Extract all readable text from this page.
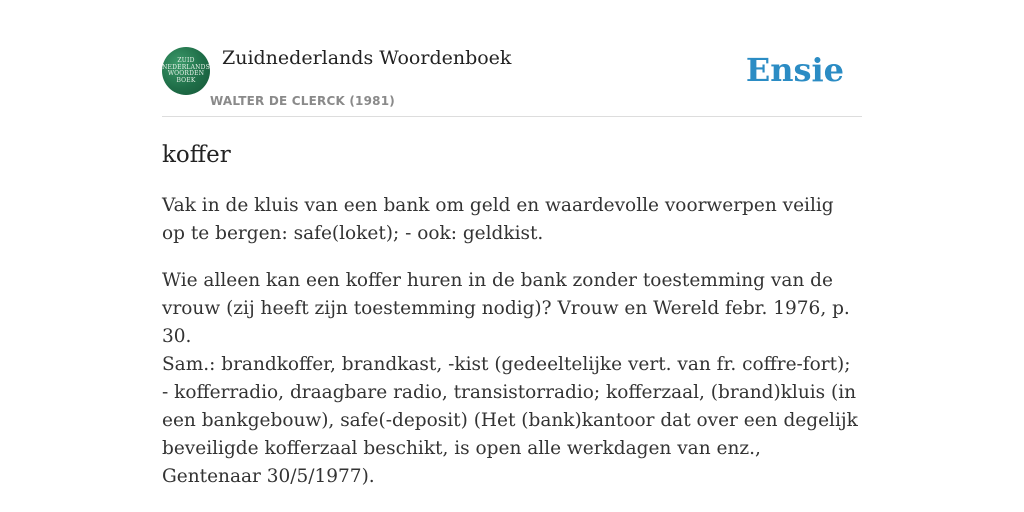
ZUID
NEDERLANDS
WOORDEN
BOEK
Zuidnederlands Woordenboek
WALTER DE CLERCK (1981)
Ensie
koffer

Vak in de kluis van een bank om geld en waardevolle voorwerpen veilig op te bergen: safe(loket); - ook: geldkist.

Wie alleen kan een koffer huren in de bank zonder toestemming van de vrouw (zij heeft zijn toestemming nodig)? Vrouw en Wereld febr. 1976, p. 30.

Sam.: brandkoffer, brandkast, -kist (gedeeltelijke vert. van fr. coffre-fort); - kofferradio, draagbare radio, transistorradio; kofferzaal, (brand)kluis (in een bankgebouw), safe(-deposit) (Het (bank)kantoor dat over een degelijk beveiligde kofferzaal beschikt, is open alle werkdagen van enz., Gentenaar 30/5/1977).
